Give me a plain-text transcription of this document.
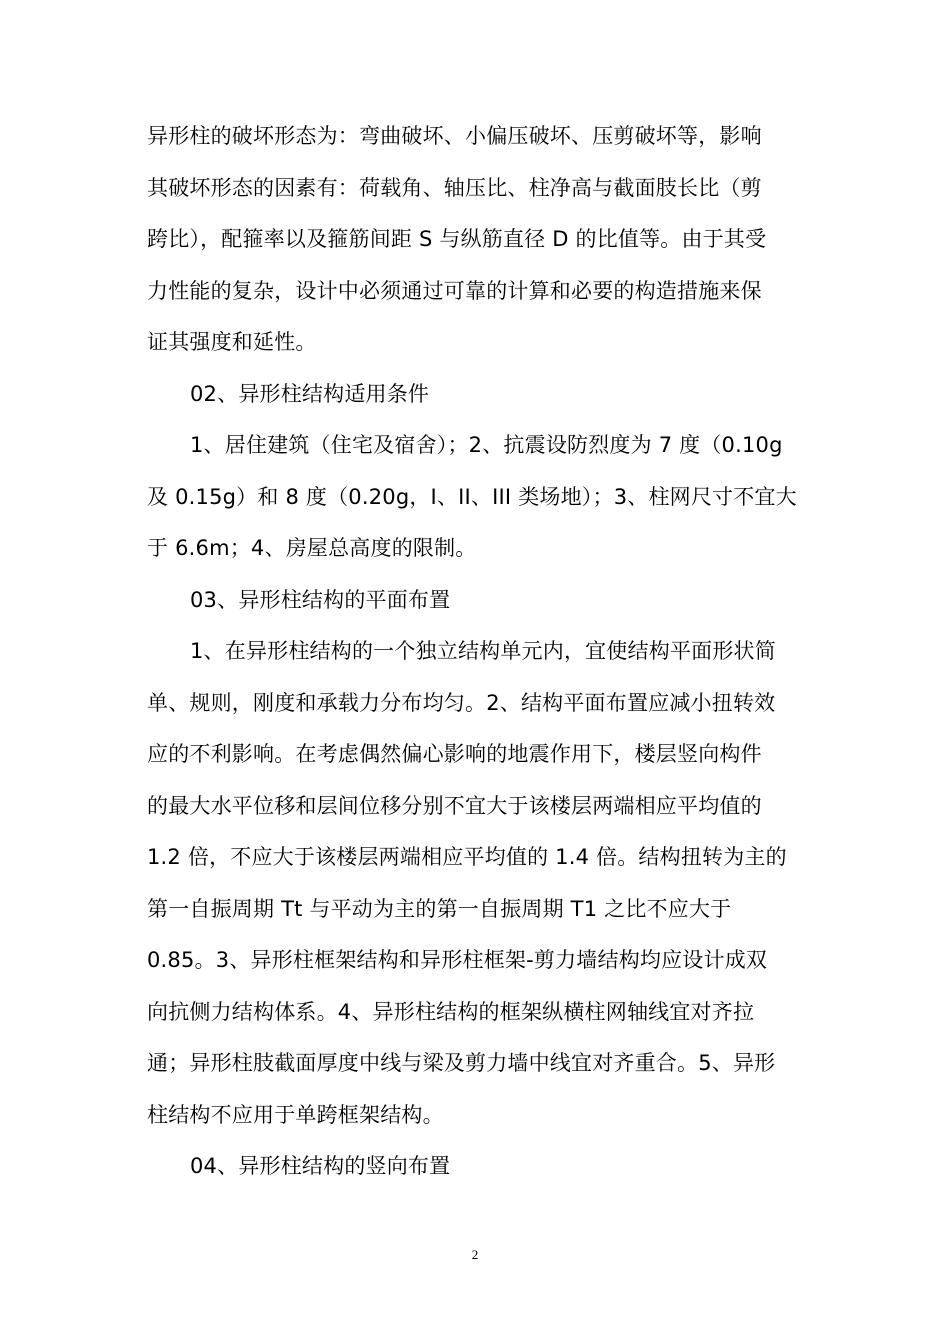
异形柱的破坏形态为：弯曲破坏、小偏压破坏、压剪破坏等，影响
其破坏形态的因素有：荷载角、轴压比、柱净高与截面肢长比（剪
跨比），配箍率以及箍筋间距 S 与纵筋直径 D 的比值等。由于其受
力性能的复杂，设计中必须通过可靠的计算和必要的构造措施来保
证其强度和延性。
02、异形柱结构适用条件
1、居住建筑（住宅及宿舍）；2、抗震设防烈度为 7 度（0.10g
及 0.15g）和 8 度（0.20g，I、II、III 类场地）；3、柱网尺寸不宜大
于 6.6m；4、房屋总高度的限制。
03、异形柱结构的平面布置
1、在异形柱结构的一个独立结构单元内，宜使结构平面形状简
单、规则，刚度和承载力分布均匀。2、结构平面布置应减小扭转效
应的不利影响。在考虑偶然偏心影响的地震作用下，楼层竖向构件
的最大水平位移和层间位移分别不宜大于该楼层两端相应平均值的
1.2 倍，不应大于该楼层两端相应平均值的 1.4 倍。结构扭转为主的
第一自振周期 Tt 与平动为主的第一自振周期 T1 之比不应大于
0.85。3、异形柱框架结构和异形柱框架-剪力墙结构均应设计成双
向抗侧力结构体系。4、异形柱结构的框架纵横柱网轴线宜对齐拉
通；异形柱肢截面厚度中线与梁及剪力墙中线宜对齐重合。5、异形
柱结构不应用于单跨框架结构。
04、异形柱结构的竖向布置
2
